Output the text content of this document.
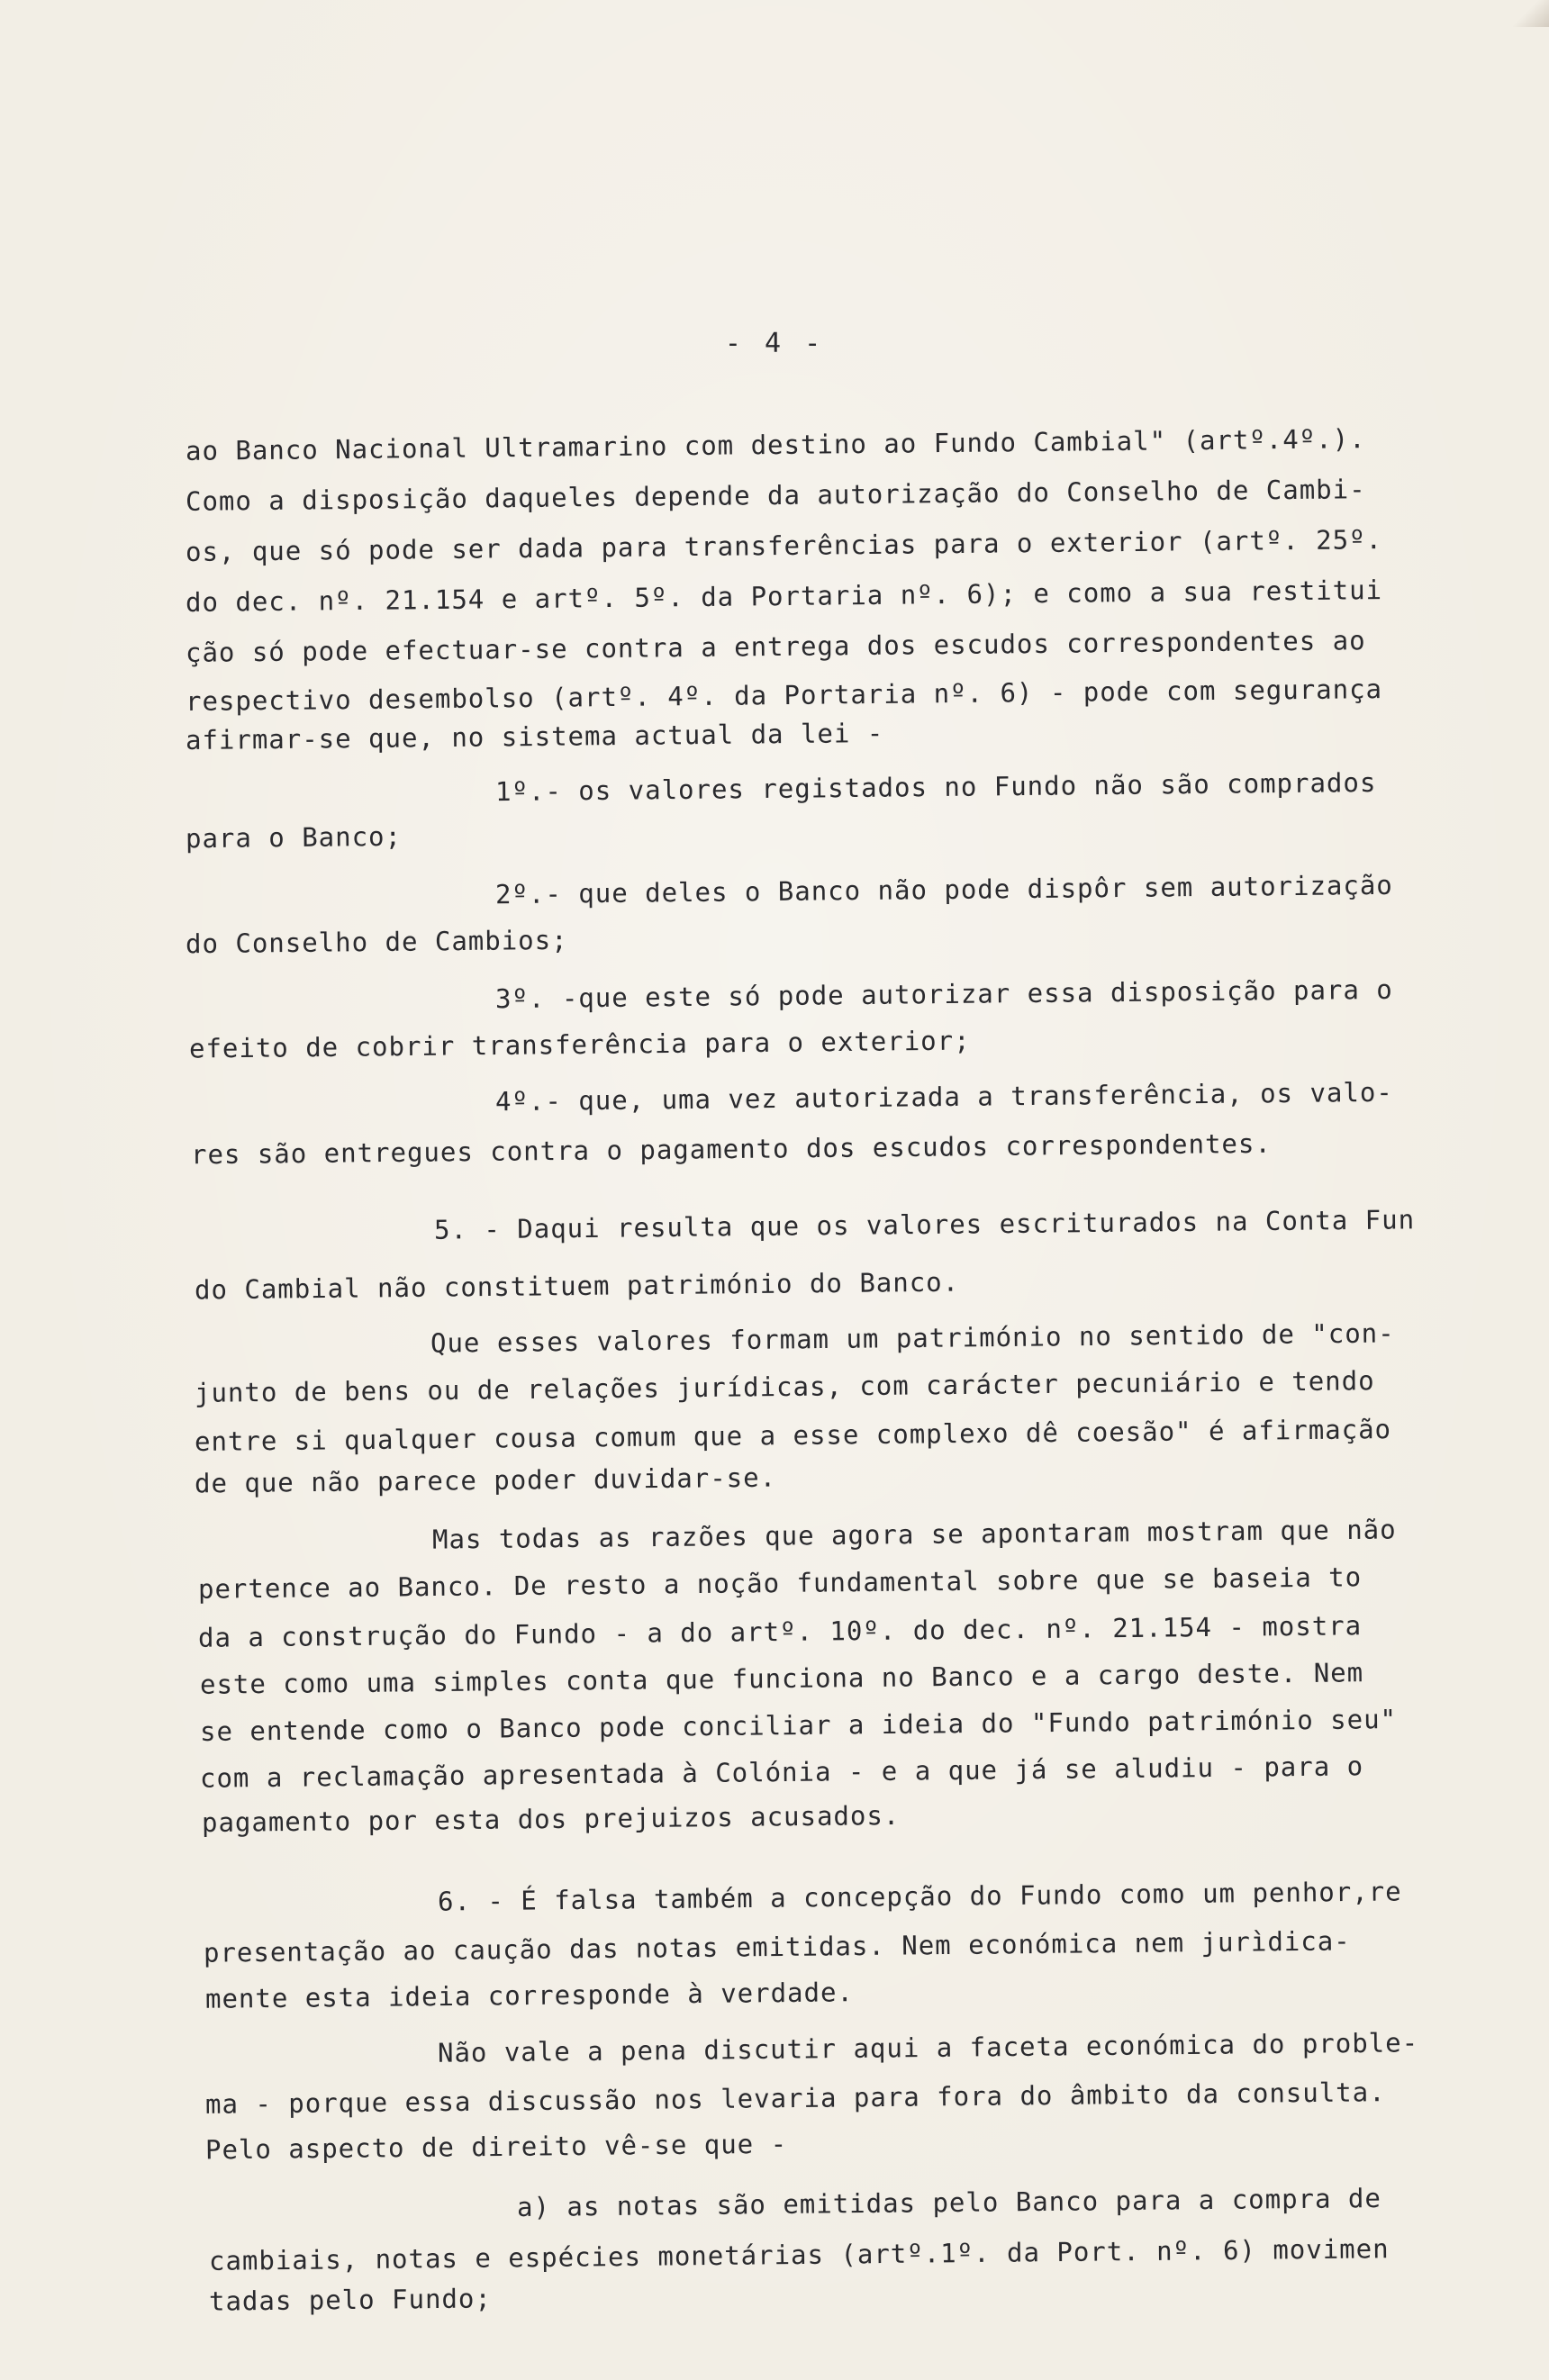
- 4 -
ao Banco Nacional Ultramarino com destino ao Fundo Cambial" (artº.4º.).
Como a disposição daqueles depende da autorização do Conselho de Cambi-
os, que só pode ser dada para transferências para o exterior (artº. 25º.
do dec. nº. 21.154 e artº. 5º. da Portaria nº. 6); e como a sua restitui
ção só pode efectuar-se contra a entrega dos escudos correspondentes ao
respectivo desembolso (artº. 4º. da Portaria nº. 6) - pode com segurança
afirmar-se que, no sistema actual da lei -
1º.- os valores registados no Fundo não são comprados
para o Banco;
2º.- que deles o Banco não pode dispôr sem autorização
do Conselho de Cambios;
3º. -que este só pode autorizar essa disposição para o
efeito de cobrir transferência para o exterior;
4º.- que, uma vez autorizada a transferência, os valo-
res são entregues contra o pagamento dos escudos correspondentes.
5. - Daqui resulta que os valores escriturados na Conta Fun
do Cambial não constituem património do Banco.
Que esses valores formam um património no sentido de "con-
junto de bens ou de relações jurídicas, com carácter pecuniário e tendo
entre si qualquer cousa comum que a esse complexo dê coesão" é afirmação
de que não parece poder duvidar-se.
Mas todas as razões que agora se apontaram mostram que não
pertence ao Banco. De resto a noção fundamental sobre que se baseia to
da a construção do Fundo - a do artº. 10º. do dec. nº. 21.154 - mostra
este como uma simples conta que funciona no Banco e a cargo deste. Nem
se entende como o Banco pode conciliar a ideia do "Fundo património seu"
com a reclamação apresentada à Colónia - e a que já se aludiu - para o
pagamento por esta dos prejuizos acusados.
6. - É falsa também a concepção do Fundo como um penhor,re
presentação ao caução das notas emitidas. Nem económica nem jurìdica-
mente esta ideia corresponde à verdade.
Não vale a pena discutir aqui a faceta económica do proble-
ma - porque essa discussão nos levaria para fora do âmbito da consulta.
Pelo aspecto de direito vê-se que -
a) as notas são emitidas pelo Banco para a compra de
cambiais, notas e espécies monetárias (artº.1º. da Port. nº. 6) movimen
tadas pelo Fundo;
